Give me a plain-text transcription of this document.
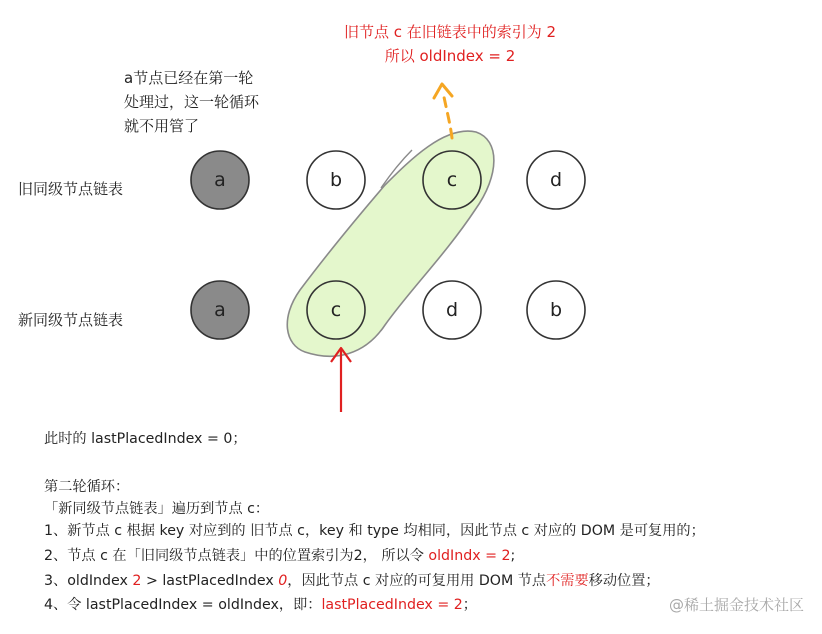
a	b	c	d
a	c	d	b
旧节点 c 在旧链表中的索引为 2
所以 oldIndex = 2
a节点已经在第一轮
处理过，这一轮循环
就不用管了
旧同级节点链表
新同级节点链表
此时的 lastPlacedIndex = 0；
第二轮循环：
「新同级节点链表」遍历到节点 c：
1、新节点 c 根据 key 对应到的 旧节点 c，key 和 type 均相同，因此节点 c 对应的 DOM 是可复用的；
2、节点 c 在「旧同级节点链表」中的位置索引为2， 所以令 oldIndx = 2;
3、oldIndex 2 > lastPlacedIndex 0，因此节点 c 对应的可复用用 DOM 节点不需要移动位置；
4、令 lastPlacedIndex = oldIndex，即：lastPlacedIndex = 2；	@稀土掘金技术社区
